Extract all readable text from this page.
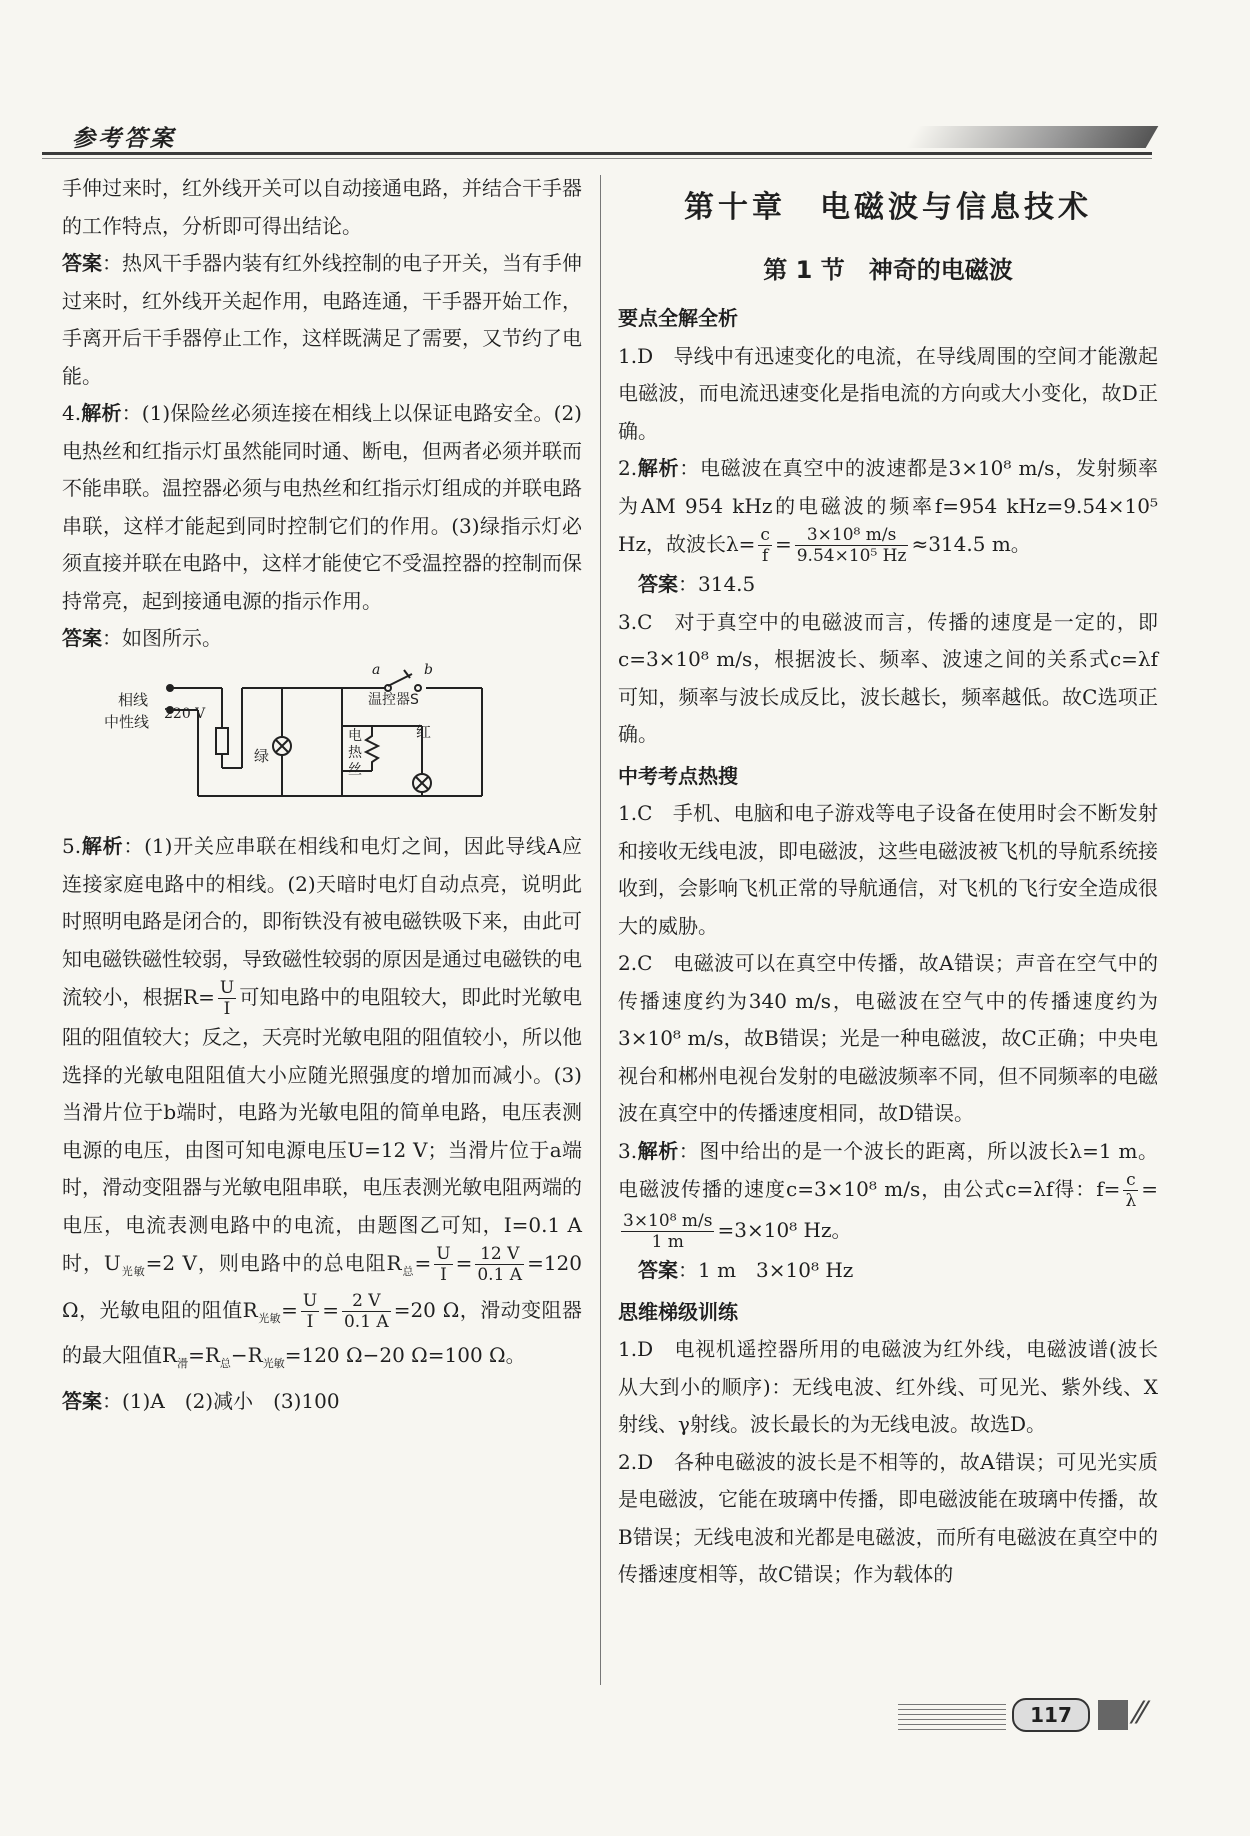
参考答案

手伸过来时，红外线开关可以自动接通电路，并结合干手器的工作特点，分析即可得出结论。

答案：热风干手器内装有红外线控制的电子开关，当有手伸过来时，红外线开关起作用，电路连通，干手器开始工作，手离开后干手器停止工作，这样既满足了需要，又节约了电能。

4.解析：(1)保险丝必须连接在相线上以保证电路安全。(2)电热丝和红指示灯虽然能同时通、断电，但两者必须并联而不能串联。温控器必须与电热丝和红指示灯组成的并联电路串联，这样才能起到同时控制它们的作用。(3)绿指示灯必须直接并联在电路中，这样才能使它不受温控器的控制而保持常亮，起到接通电源的指示作用。

答案：如图所示。

相线
中性线 220 V
绿
电热丝
红
温控器S
a	b

5.解析：(1)开关应串联在相线和电灯之间，因此导线A应连接家庭电路中的相线。(2)天暗时电灯自动点亮，说明此时照明电路是闭合的，即衔铁没有被电磁铁吸下来，由此可知电磁铁磁性较弱，导致磁性较弱的原因是通过电磁铁的电流较小，根据$R= \frac{U}{I}$ 可知电路中的电阻较大，即此时光敏电阻的阻值较大；反之，天亮时光敏电阻的阻值较小，所以他选择的光敏电阻阻值大小应随光照强度的增加而减小。(3)当滑片位于b端时，电路为光敏电阻的简单电路，电压表测电源的电压，由图可知电源电压U=12 V；当滑片位于a端时，滑动变阻器与光敏电阻串联，电压表测光敏电阻两端的电压，电流表测电路中的电流，由题图乙可知，I=0.1 A时，$U_{光敏}=2$ V，则电路中的总电阻$R_总= \frac{U}{I} = \frac{12 V}{0.1 A} =120$ Ω，光敏电阻的阻值$R_{光敏}= \frac{U}{I} = \frac{2 V}{0.1 A} =20$ Ω，滑动变阻器的最大阻值$R_滑=R_总-R_{光敏}=120$ Ω−20 Ω=100 Ω。

答案：(1)A　(2)减小　(3)100

第十章　电磁波与信息技术
第 1 节　神奇的电磁波
要点全解全析

1.D　导线中有迅速变化的电流，在导线周围的空间才能激起电磁波，而电流迅速变化是指电流的方向或大小变化，故D正确。

2.解析：电磁波在真空中的波速都是3×10⁸ m/s，发射频率为AM 954 kHz的电磁波的频率f=954 kHz=9.54×10⁵ Hz，故波长$\lambda= \frac{c}{f} = \frac{\text{3×10⁸ m/s}}{\text{9.54×10⁵ Hz}} \approx 314.5$ m。

答案：314.5

3.C　对于真空中的电磁波而言，传播的速度是一定的，即c=3×10⁸ m/s，根据波长、频率、波速之间的关系式c=λf可知，频率与波长成反比，波长越长，频率越低。故C选项正确。

中考考点热搜

1.C　手机、电脑和电子游戏等电子设备在使用时会不断发射和接收无线电波，即电磁波，这些电磁波被飞机的导航系统接收到，会影响飞机正常的导航通信，对飞机的飞行安全造成很大的威胁。

2.C　电磁波可以在真空中传播，故A错误；声音在空气中的传播速度约为340 m/s，电磁波在空气中的传播速度约为3×10⁸ m/s，故B错误；光是一种电磁波，故C正确；中央电视台和郴州电视台发射的电磁波频率不同，但不同频率的电磁波在真空中的传播速度相同，故D错误。

3.解析：图中给出的是一个波长的距离，所以波长λ=1 m。电磁波传播的速度c=3×10⁸ m/s，由公式c=λf得：$f= \frac{c}{\lambda}$ =
$\frac{\text{3×10⁸ m/s}}{1 m} =3\times 10^8$ Hz。

答案：1 m　3×10⁸ Hz

思维梯级训练

1.D　电视机遥控器所用的电磁波为红外线，电磁波谱(波长从大到小的顺序)：无线电波、红外线、可见光、紫外线、X射线、γ射线。波长最长的为无线电波。故选D。

2.D　各种电磁波的波长是不相等的，故A错误；可见光实质是电磁波，它能在玻璃中传播，即电磁波能在玻璃中传播，故B错误；无线电波和光都是电磁波，而所有电磁波在真空中的传播速度相等，故C错误；作为载体的

117	⁄⁄
